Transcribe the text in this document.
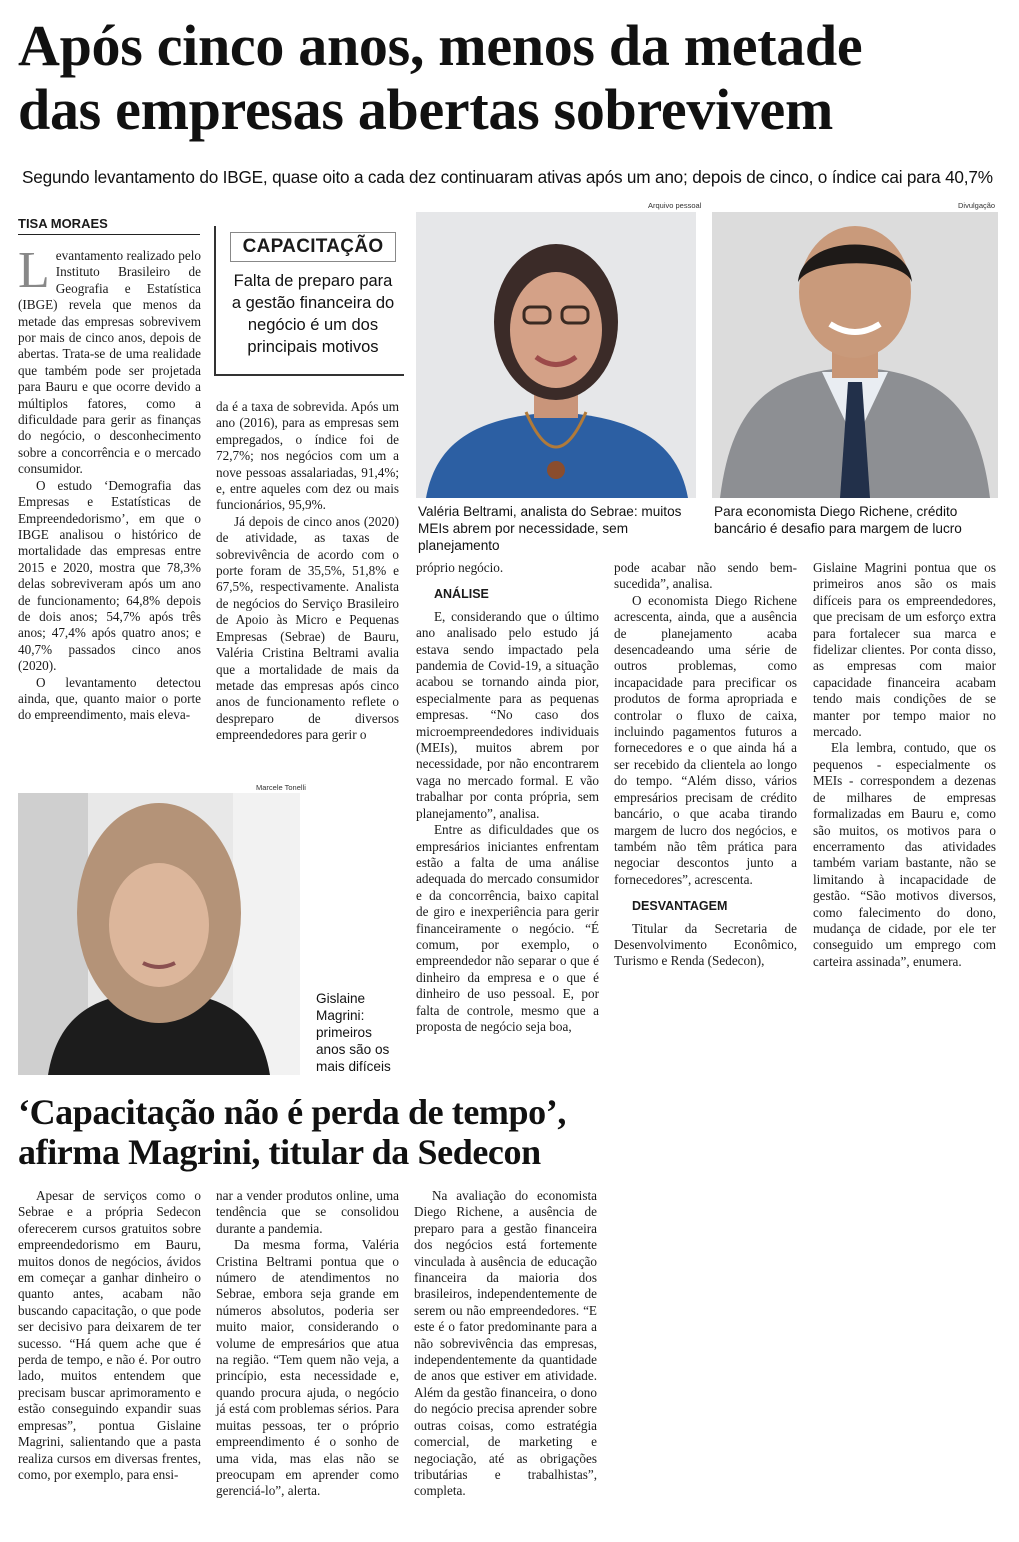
Após cinco anos, menos da metade
das empresas abertas sobrevivem
Segundo levantamento do IBGE, quase oito a cada dez continuaram ativas após um ano; depois de cinco, o índice cai para 40,7%
TISA MORAES
CAPACITAÇÃO
Falta de preparo para a gestão financeira do negócio é um dos principais motivos

Levantamento realizado pelo Instituto Brasileiro de Geografia e Estatística (IBGE) revela que menos da metade das empresas sobrevivem por mais de cinco anos, depois de abertas. Trata-se de uma realidade que também pode ser projetada para Bauru e que ocorre devido a múltiplos fatores, como a dificuldade para gerir as finanças do negócio, o desconhecimento sobre a concorrência e o mercado consumidor.

O estudo ‘Demografia das Empresas e Estatísticas de Empreendedorismo’, em que o IBGE analisou o histórico de mortalidade das empresas entre 2015 e 2020, mostra que 78,3% delas sobreviveram após um ano de funcionamento; 64,8% depois de dois anos; 54,7% após três anos; 47,4% após quatro anos; e 40,7% passados cinco anos (2020).

O levantamento detectou ainda, que, quanto maior o porte do empreendimento, mais eleva-

da é a taxa de sobrevida. Após um ano (2016), para as empresas sem empregados, o índice foi de 72,7%; nos negócios com um a nove pessoas assalariadas, 91,4%; e, entre aqueles com dez ou mais funcionários, 95,9%.

Já depois de cinco anos (2020) de atividade, as taxas de sobrevivência de acordo com o porte foram de 35,5%, 51,8% e 67,5%, respectivamente. Analista de negócios do Serviço Brasileiro de Apoio às Micro e Pequenas Empresas (Sebrae) de Bauru, Valéria Cristina Beltrami avalia que a mortalidade de mais da metade das empresas após cinco anos de funcionamento reflete o despreparo de diversos empreendedores para gerir o

Arquivo pessoal
Valéria Beltrami, analista do Sebrae: muitos MEIs abrem por necessidade, sem planejamento
Divulgação
Para economista Diego Richene, crédito bancário é desafio para margem de lucro

próprio negócio.

ANÁLISE

E, considerando que o último ano analisado pelo estudo já estava sendo impactado pela pandemia de Covid-19, a situação acabou se tornando ainda pior, especialmente para as pequenas empresas. “No caso dos microempreendedores individuais (MEIs), muitos abrem por necessidade, por não encontrarem vaga no mercado formal. E vão trabalhar por conta própria, sem planejamento”, analisa.

Entre as dificuldades que os empresários iniciantes enfrentam estão a falta de uma análise adequada do mercado consumidor e da concorrência, baixo capital de giro e inexperiência para gerir financeiramente o negócio. “É comum, por exemplo, o empreendedor não separar o que é dinheiro da empresa e o que é dinheiro de uso pessoal. E, por falta de controle, mesmo que a proposta de negócio seja boa,

pode acabar não sendo bem-sucedida”, analisa.

O economista Diego Richene acrescenta, ainda, que a ausência de planejamento acaba desencadeando uma série de outros problemas, como incapacidade para precificar os produtos de forma apropriada e controlar o fluxo de caixa, incluindo pagamentos futuros a fornecedores e o que ainda há a ser recebido da clientela ao longo do tempo. “Além disso, vários empresários precisam de crédito bancário, o que acaba tirando margem de lucro dos negócios, e também não têm prática para negociar descontos junto a fornecedores”, acrescenta.

DESVANTAGEM

Titular da Secretaria de Desenvolvimento Econômico, Turismo e Renda (Sedecon),

Gislaine Magrini pontua que os primeiros anos são os mais difíceis para os empreendedores, que precisam de um esforço extra para fortalecer sua marca e fidelizar clientes. Por conta disso, as empresas com maior capacidade financeira acabam tendo mais condições de se manter por tempo maior no mercado.

Ela lembra, contudo, que os pequenos - especialmente os MEIs - correspondem a dezenas de milhares de empresas formalizadas em Bauru e, como são muitos, os motivos para o encerramento das atividades também variam bastante, não se limitando à incapacidade de gestão. “São motivos diversos, como falecimento do dono, mudança de cidade, por ele ter conseguido um emprego com carteira assinada”, enumera.

Marcele Tonelli
Gislaine Magrini: primeiros anos são os mais difíceis
‘Capacitação não é perda de tempo’,
afirma Magrini, titular da Sedecon

Apesar de serviços como o Sebrae e a própria Sedecon oferecerem cursos gratuitos sobre empreendedorismo em Bauru, muitos donos de negócios, ávidos em começar a ganhar dinheiro o quanto antes, acabam não buscando capacitação, o que pode ser decisivo para deixarem de ter sucesso. “Há quem ache que é perda de tempo, e não é. Por outro lado, muitos entendem que precisam buscar aprimoramento e estão conseguindo expandir suas empresas”, pontua Gislaine Magrini, salientando que a pasta realiza cursos em diversas frentes, como, por exemplo, para ensi-

nar a vender produtos online, uma tendência que se consolidou durante a pandemia.

Da mesma forma, Valéria Cristina Beltrami pontua que o número de atendimentos no Sebrae, embora seja grande em números absolutos, poderia ser muito maior, considerando o volume de empresários que atua na região. “Tem quem não veja, a princípio, esta necessidade e, quando procura ajuda, o negócio já está com problemas sérios. Para muitas pessoas, ter o próprio empreendimento é o sonho de uma vida, mas elas não se preocupam em aprender como gerenciá-lo”, alerta.

Na avaliação do economista Diego Richene, a ausência de preparo para a gestão financeira dos negócios está fortemente vinculada à ausência de educação financeira da maioria dos brasileiros, independentemente de serem ou não empreendedores. “E este é o fator predominante para a não sobrevivência das empresas, independentemente da quantidade de anos que estiver em atividade. Além da gestão financeira, o dono do negócio precisa aprender sobre outras coisas, como estratégia comercial, de marketing e negociação, até as obrigações tributárias e trabalhistas”, completa.
